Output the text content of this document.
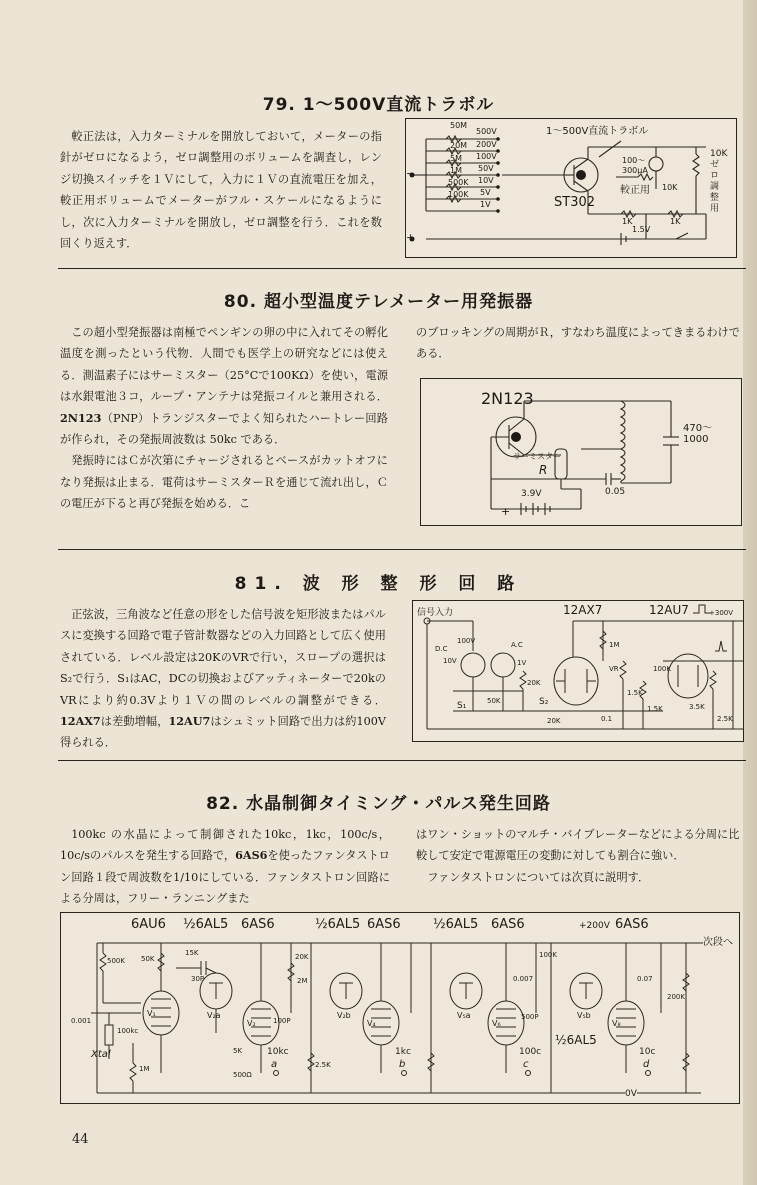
79. 1～500V直流トラボル

較正法は，入力ターミナルを開放しておいて，メーターの指針がゼロになるよう，ゼロ調整用のボリュームを調査し，レンジ切換スイッチを１Ｖにして，入力に１Ｖの直流電圧を加え，較正用ボリュームでメーターがフル・スケールになるようにし，次に入力ターミナルを開放し，ゼロ調整を行う．これを数回くり返えす．

1～500V直流トラボル
50M
20M
5M
1M
500K
100K
500V
200V
100V
50V
10V
5V
1V
−
+
ST302
100～300μA
較正用 10K
10Kゼロ調整用
1K	1K
1.5V
80. 超小型温度テレメーター用発振器

この超小型発振器は南極でペンギンの卵の中に入れてその孵化温度を測ったという代物．人間でも医学上の研究などには使える．測温素子にはサーミスター（25°Cで100KΩ）を使い，電源は水銀電池３コ，ループ・アンテナは発振コイルと兼用される．2N123（PNP）トランジスターでよく知られたハートレー回路が作られ，その発振周波数は 50kc である．

発振時にはＣが次第にチャージされるとベースがカットオフになり発振は止まる．電荷はサーミスターＲを通じて流れ出し，Ｃの電圧が下ると再び発振を始める．こ

のブロッキングの周期がＲ，すなわち温度によってきまるわけである．
2N123
サーミスター
R
470～1000
0.05
3.9V
+
81. 波 形 整 形 回 路

正弦波，三角波など任意の形をした信号波を矩形波またはパルスに変換する回路で電子管計数器などの入力回路として広く使用されている．レベル設定は20KのVRで行い，スロープの選択はS₂で行う．S₁はAC，DCの切換およびアッティネーターで20kのVRにより約0.3Vより１Ｖの間のレベルの調整ができる．12AX7は差動増幅，12AU7はシュミット回路で出力は約100V得られる．

信号入力	12AX7	12AU7	+300V
D.C	A.C
100V
10V	1V
20K
50K
20K
S₁	S₂
VR
1.5K
1.5K	3.5K
1M
100K
0.1	2.5K
82. 水晶制御タイミング・パルス発生回路

100kc の水晶によって制御された10kc，1kc，100c/s，10c/sのパルスを発生する回路で，6AS6を使ったファンタストロン回路１段で周波数を1/10にしている．ファンタストロン回路による分周は，フリー・ランニングまた

はワン・ショットのマルチ・バイブレーターなどによる分周に比較して安定で電源電圧の変動に対しても割合に強い．
ファンタストロンについては次頁に説明す．
6AU6 ½6AL5 6AS6	½6AL5 6AS6 ½6AL5 6AS6	+200V 6AS6
次段へ
V₁	V₂a
V₂
V₂b
V₄
V₅a
V₆
V₅b
V₈
10kc	1kc	100c	10c
a	b	c	d
Xtal
0V
½6AL5
500K 50K
15K
30P
0.001
100kc
1M
5K
500Ω
2.5K
100P
20K
2M	0.007
500P
100K
200K
0.07
44
